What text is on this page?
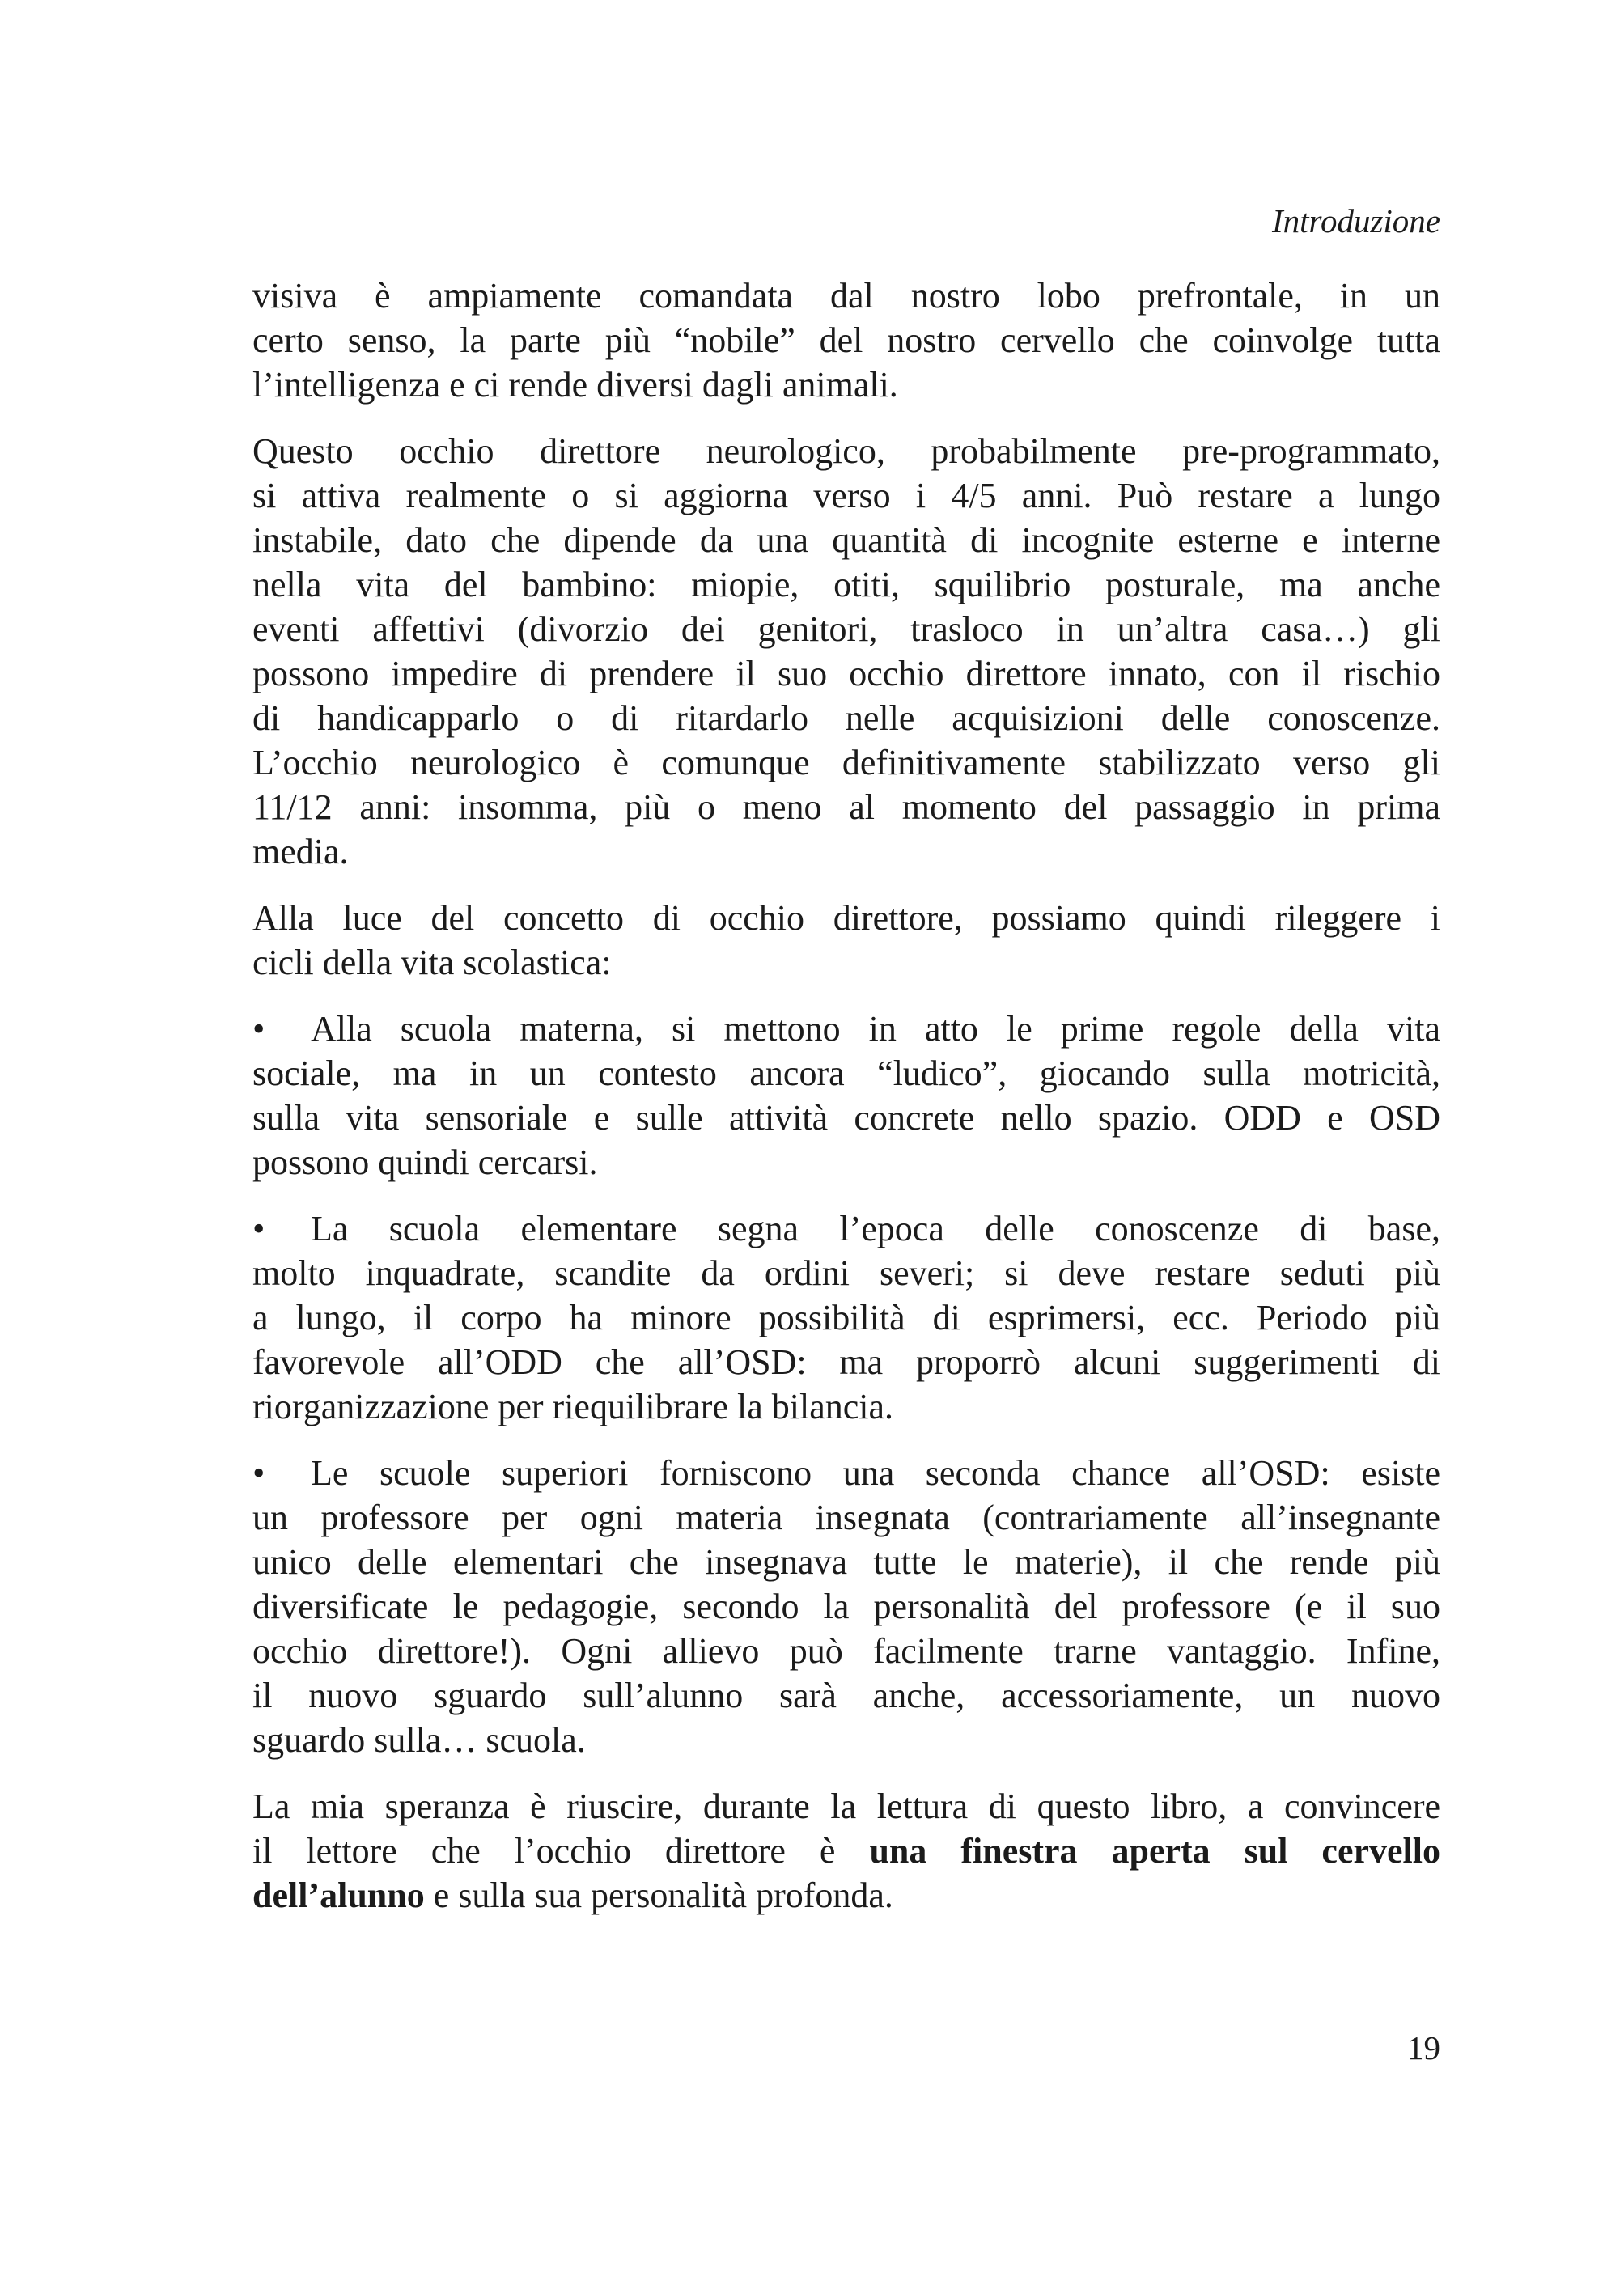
Introduzione
visiva è ampiamente comandata dal nostro lobo prefrontale, in un
certo senso, la parte più “nobile” del nostro cervello che coinvolge tutta
l’intelligenza e ci rende diversi dagli animali.
Questo occhio direttore neurologico, probabilmente pre-programmato,
si attiva realmente o si aggiorna verso i 4/5 anni. Può restare a lungo
instabile, dato che dipende da una quantità di incognite esterne e interne
nella vita del bambino: miopie, otiti, squilibrio posturale, ma anche
eventi affettivi (divorzio dei genitori, trasloco in un’altra casa…) gli
possono impedire di prendere il suo occhio direttore innato, con il rischio
di handicapparlo o di ritardarlo nelle acquisizioni delle conoscenze.
L’occhio neurologico è comunque definitivamente stabilizzato verso gli
11/12 anni: insomma, più o meno al momento del passaggio in prima
media.
Alla luce del concetto di occhio direttore, possiamo quindi rileggere i
cicli della vita scolastica:
• Alla scuola materna, si mettono in atto le prime regole della vita
sociale, ma in un contesto ancora “ludico”, giocando sulla motricità,
sulla vita sensoriale e sulle attività concrete nello spazio. ODD e OSD
possono quindi cercarsi.
• La scuola elementare segna l’epoca delle conoscenze di base,
molto inquadrate, scandite da ordini severi; si deve restare seduti più
a lungo, il corpo ha minore possibilità di esprimersi, ecc. Periodo più
favorevole all’ODD che all’OSD: ma proporrò alcuni suggerimenti di
riorganizzazione per riequilibrare la bilancia.
• Le scuole superiori forniscono una seconda chance all’OSD: esiste
un professore per ogni materia insegnata (contrariamente all’insegnante
unico delle elementari che insegnava tutte le materie), il che rende più
diversificate le pedagogie, secondo la personalità del professore (e il suo
occhio direttore!). Ogni allievo può facilmente trarne vantaggio. Infine,
il nuovo sguardo sull’alunno sarà anche, accessoriamente, un nuovo
sguardo sulla… scuola.
La mia speranza è riuscire, durante la lettura di questo libro, a convincere
il lettore che l’occhio direttore è una finestra aperta sul cervello
dell’alunno e sulla sua personalità profonda.
19
